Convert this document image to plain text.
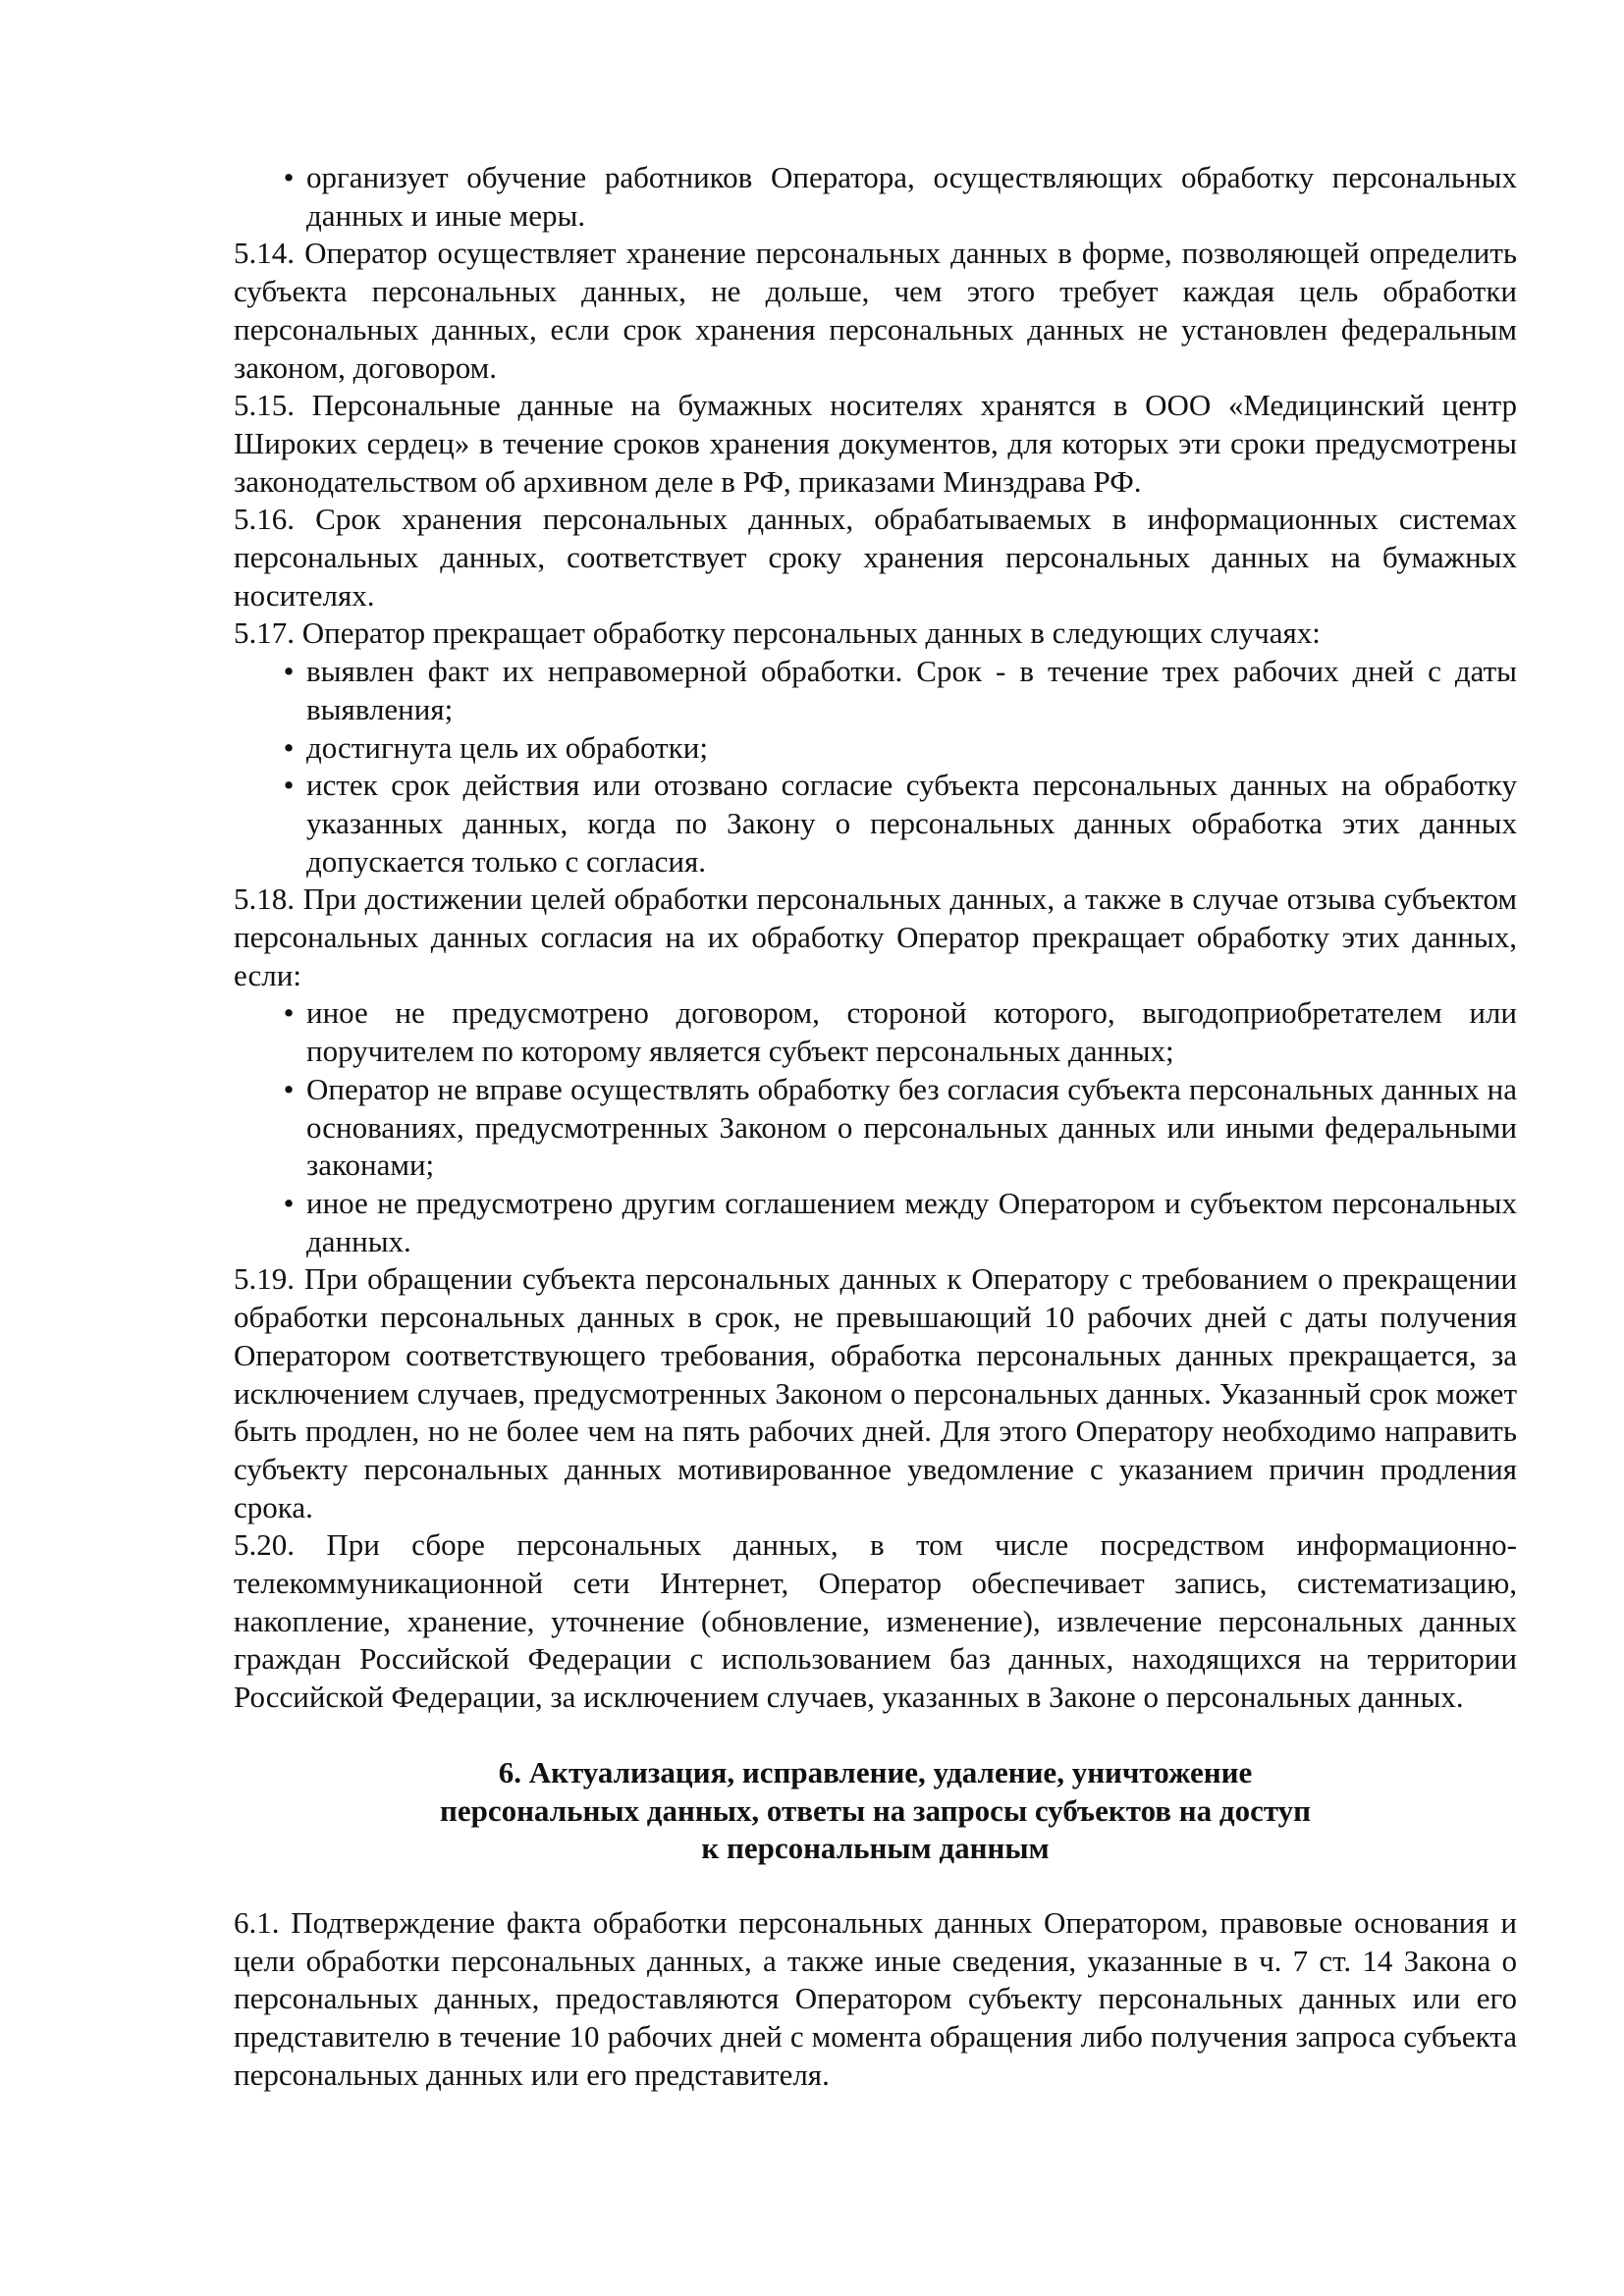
• организует обучение работников Оператора, осуществляющих обработку персональных данных и иные меры.

5.14. Оператор осуществляет хранение персональных данных в форме, позволяющей определить субъекта персональных данных, не дольше, чем этого требует каждая цель обработки персональных данных, если срок хранения персональных данных не установлен федеральным законом, договором.

5.15. Персональные данные на бумажных носителях хранятся в ООО «Медицинский центр Широких сердец» в течение сроков хранения документов, для которых эти сроки предусмотрены законодательством об архивном деле в РФ, приказами Минздрава РФ.

5.16. Срок хранения персональных данных, обрабатываемых в информационных системах персональных данных, соответствует сроку хранения персональных данных на бумажных носителях.

5.17. Оператор прекращает обработку персональных данных в следующих случаях:

• выявлен факт их неправомерной обработки. Срок - в течение трех рабочих дней с даты выявления;
• достигнута цель их обработки;
• истек срок действия или отозвано согласие субъекта персональных данных на обработку указанных данных, когда по Закону о персональных данных обработка этих данных допускается только с согласия.

5.18. При достижении целей обработки персональных данных, а также в случае отзыва субъектом персональных данных согласия на их обработку Оператор прекращает обработку этих данных, если:

• иное не предусмотрено договором, стороной которого, выгодоприобретателем или поручителем по которому является субъект персональных данных;
• Оператор не вправе осуществлять обработку без согласия субъекта персональных данных на основаниях, предусмотренных Законом о персональных данных или иными федеральными законами;
• иное не предусмотрено другим соглашением между Оператором и субъектом персональных данных.

5.19. При обращении субъекта персональных данных к Оператору с требованием о прекращении обработки персональных данных в срок, не превышающий 10 рабочих дней с даты получения Оператором соответствующего требования, обработка персональных данных прекращается, за исключением случаев, предусмотренных Законом о персональных данных. Указанный срок может быть продлен, но не более чем на пять рабочих дней. Для этого Оператору необходимо направить субъекту персональных данных мотивированное уведомление с указанием причин продления срока.

5.20. При сборе персональных данных, в том числе посредством информационно-телекоммуникационной сети Интернет, Оператор обеспечивает запись, систематизацию, накопление, хранение, уточнение (обновление, изменение), извлечение персональных данных граждан Российской Федерации с использованием баз данных, находящихся на территории Российской Федерации, за исключением случаев, указанных в Законе о персональных данных.

6. Актуализация, исправление, удаление, уничтожение
персональных данных, ответы на запросы субъектов на доступ
к персональным данным

6.1. Подтверждение факта обработки персональных данных Оператором, правовые основания и цели обработки персональных данных, а также иные сведения, указанные в ч. 7 ст. 14 Закона о персональных данных, предоставляются Оператором субъекту персональных данных или его представителю в течение 10 рабочих дней с момента обращения либо получения запроса субъекта персональных данных или его представителя.
